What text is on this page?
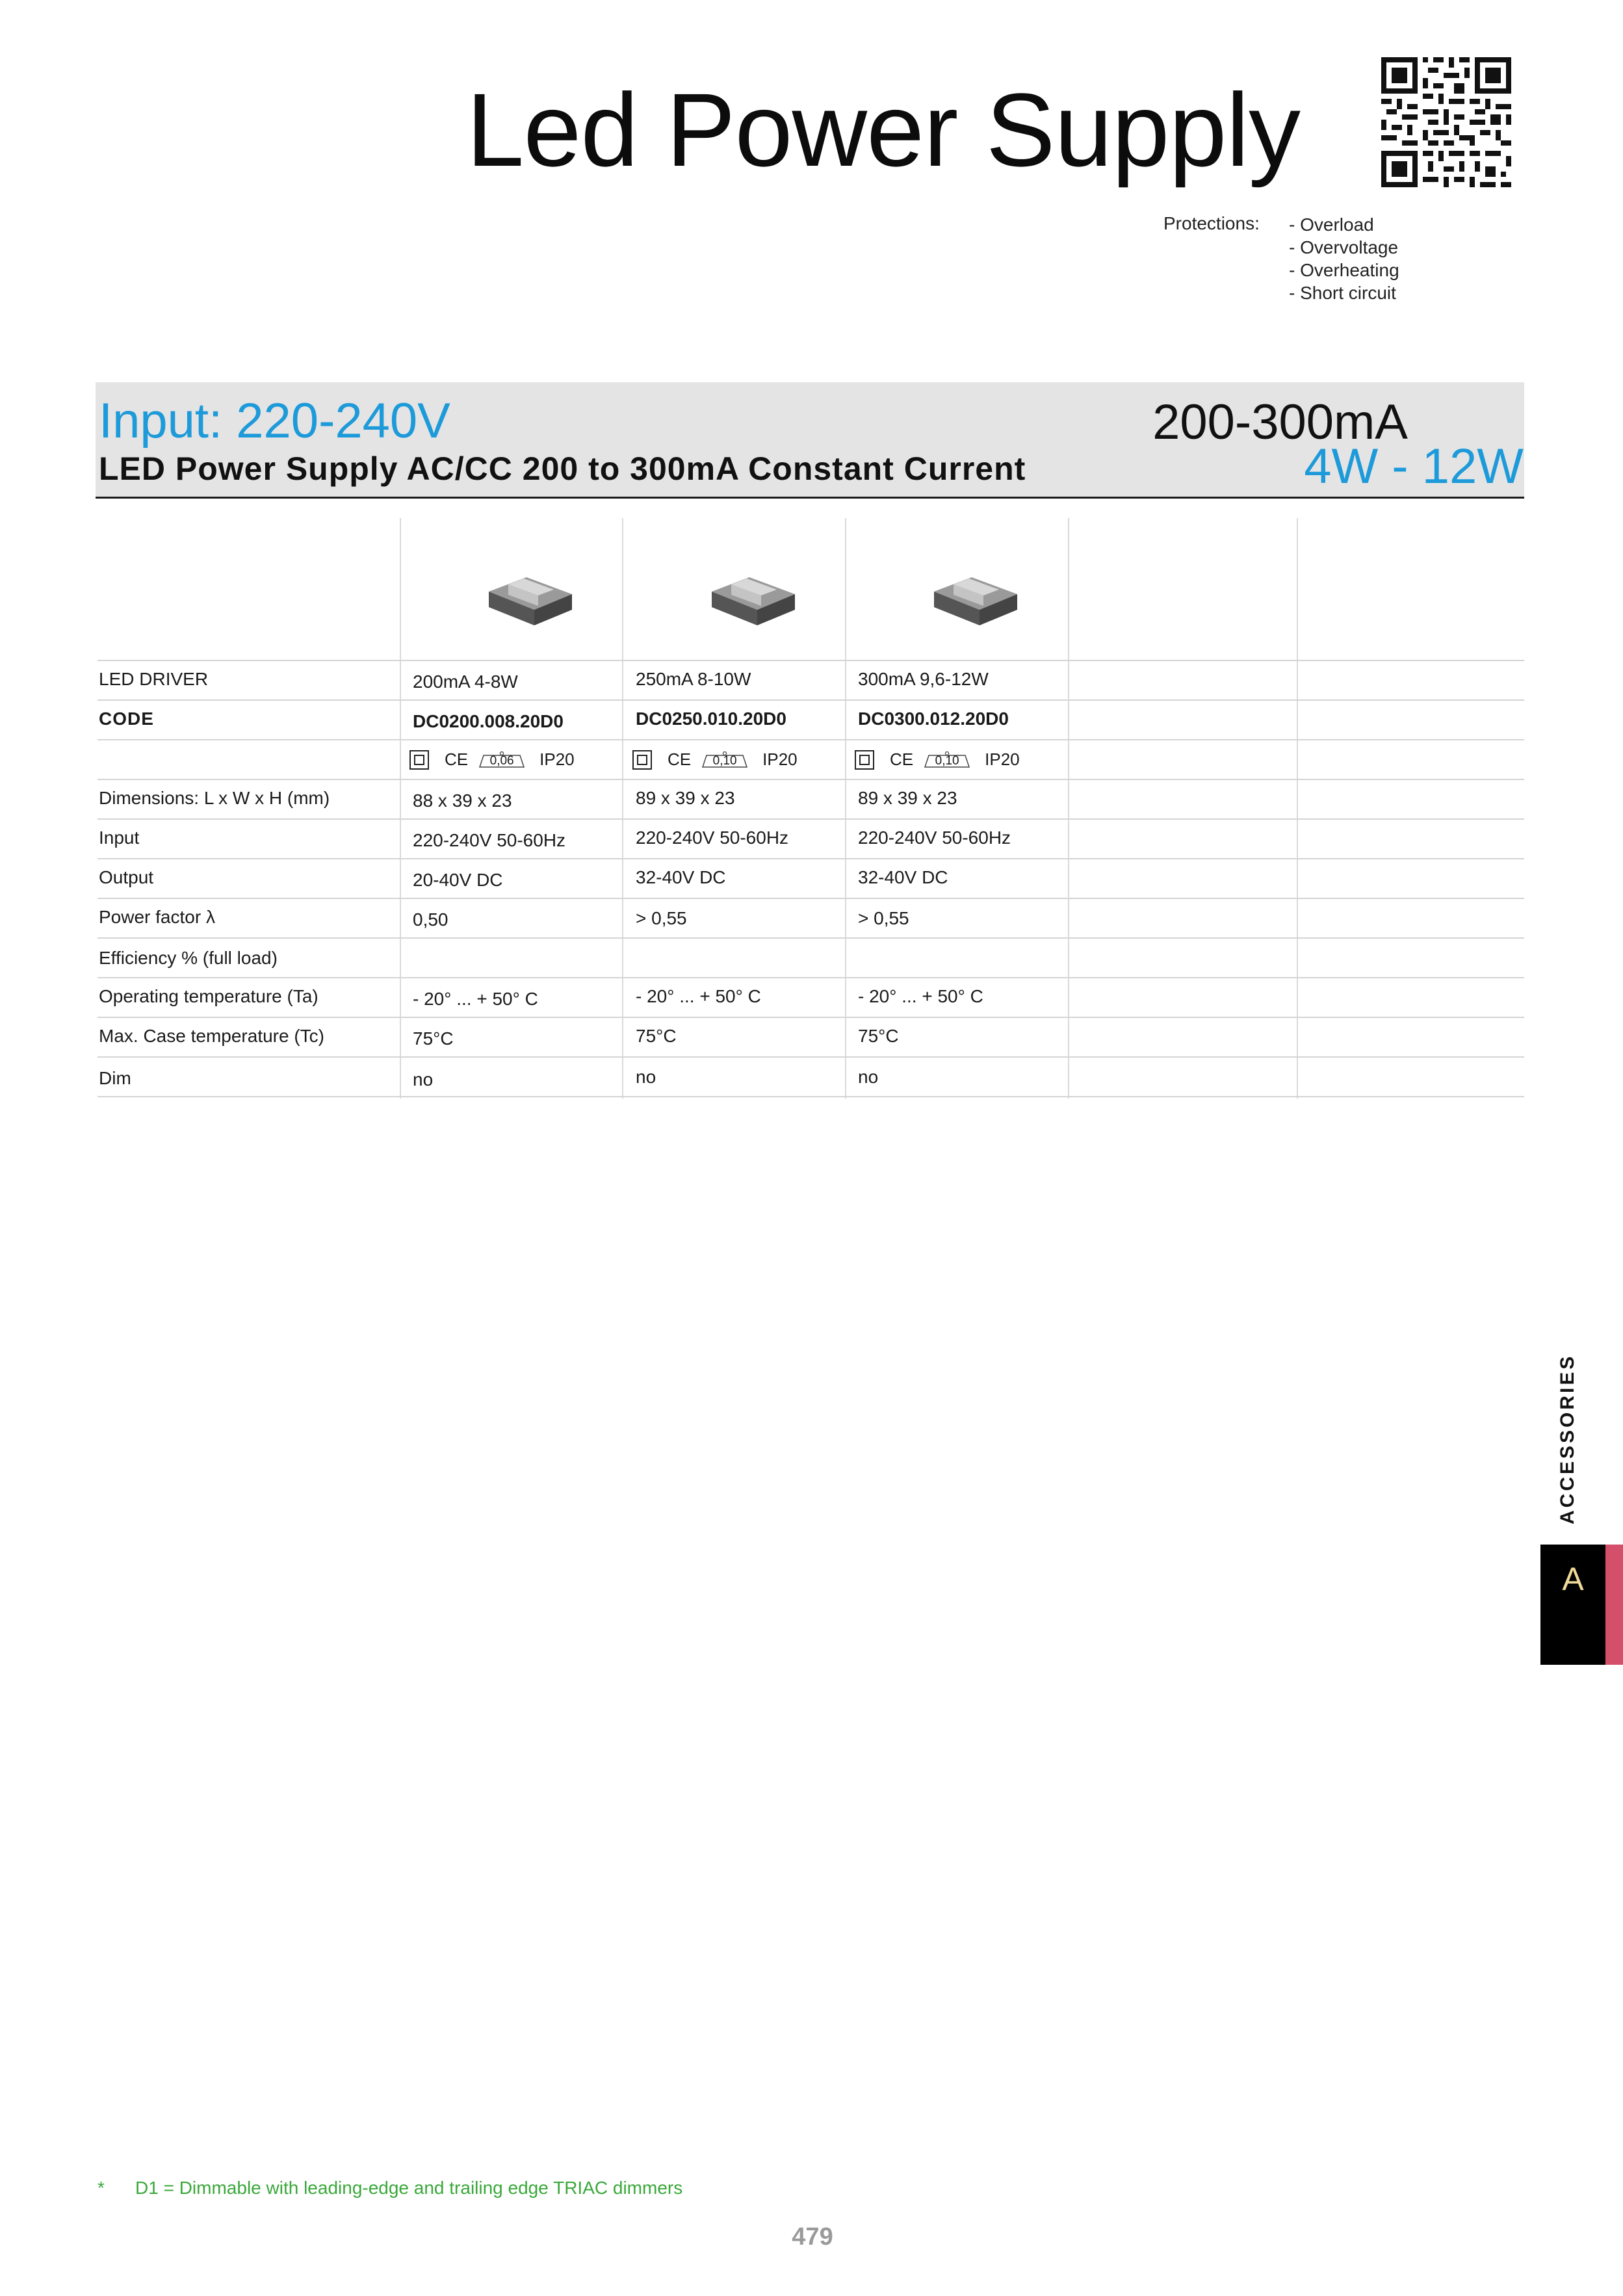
Led Power Supply
Protections: - Overload
- Overvoltage
- Overheating
- Short circuit
Input: 220-240V	200-300mA
LED Power Supply AC/CC 200 to 300mA Constant Current	4W - 12W
LED DRIVER	200mA 4-8W	250mA 8-10W	300mA 9,6-12W
CODE	DC0200.008.20D0	DC0250.010.20D0	DC0300.012.20D0
CE	0,06	IP20	CE	0,10	IP20	CE	0,10	IP20
Dimensions: L x W x H (mm)	88 x 39 x 23	89 x 39 x 23	89 x 39 x 23
Input	220-240V 50-60Hz	220-240V 50-60Hz	220-240V 50-60Hz
Output	20-40V DC	32-40V DC	32-40V DC
Power factor λ	0,50	> 0,55	> 0,55
Efficiency % (full load)
Operating temperature (Ta)	- 20° ... + 50° C	- 20° ... + 50° C	- 20° ... + 50° C
Max. Case temperature (Tc)	75°C	75°C	75°C
Dim	no	no	no
ACCESSORIES
A
* D1 = Dimmable with leading-edge and trailing edge TRIAC dimmers
479
